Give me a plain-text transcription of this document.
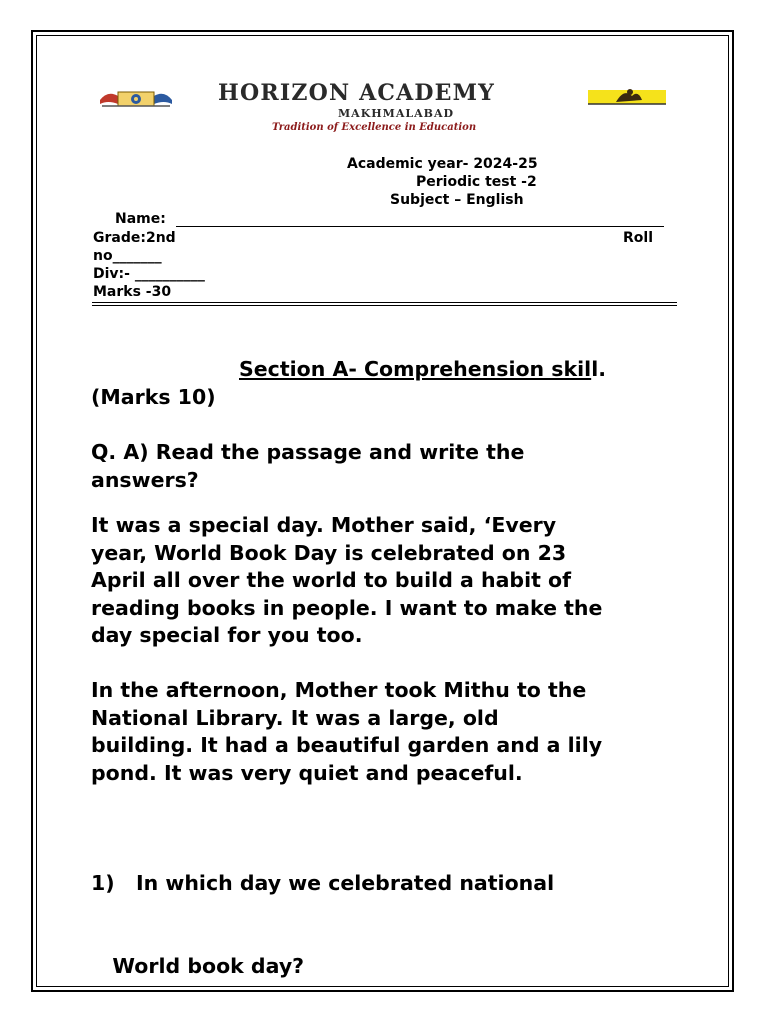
HORIZON ACADEMY
MAKHMALABAD
Tradition of Excellence in Education
Academic year- 2024-25
Periodic test -2
Subject – English
Name:
Grade:2nd	Roll
no_______
Div:- __________
Marks -30
Section A- Comprehension skill.
(Marks 10)
Q. A) Read the passage and write the
answers?
It was a special day. Mother said, ‘Every
year, World Book Day is celebrated on 23
April all over the world to build a habit of
reading books in people. I want to make the
day special for you too.
In the afternoon, Mother took Mithu to the
National Library. It was a large, old
building. It had a beautiful garden and a lily
pond. It was very quiet and peaceful.

1)   In which day we celebrated national

World book day?
